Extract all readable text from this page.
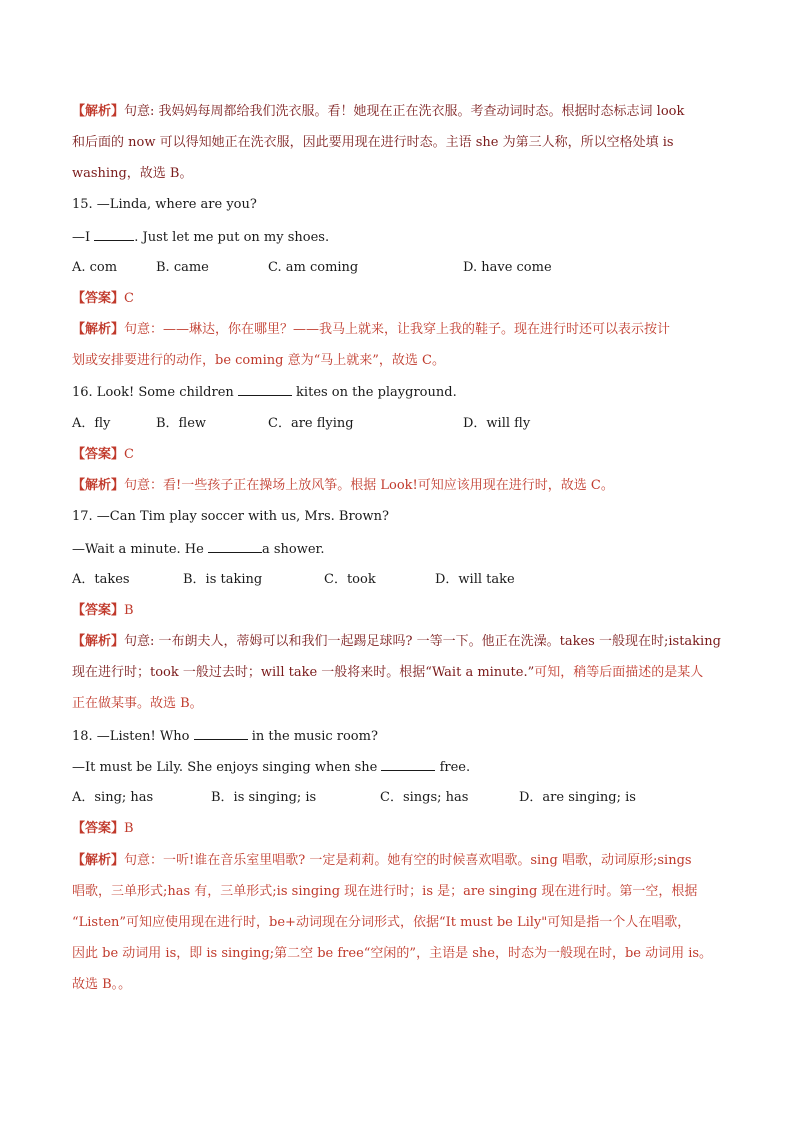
【解析】句意: 我妈妈每周都给我们洗衣服。看！她现在正在洗衣服。考查动词时态。根据时态标志词 look
和后面的 now 可以得知她正在洗衣服，因此要用现在进行时态。主语 she 为第三人称，所以空格处填 is
washing，故选 B。
15. —Linda, where are you?
—I	. Just let me put on my shoes.
A. com	B. came	C. am coming	D. have come
【答案】C
【解析】句意：——琳达，你在哪里？——我马上就来，让我穿上我的鞋子。现在进行时还可以表示按计
划或安排要进行的动作，be coming 意为“马上就来”，故选 C。
16. Look! Some children	kites on the playground.
A．fly	B．flew	C．are flying	D．will fly
【答案】C
【解析】句意：看!一些孩子正在操场上放风筝。根据 Look!可知应该用现在进行时，故选 C。
17. —Can Tim play soccer with us, Mrs. Brown?
—Wait a minute. He	a shower.
A．takes	B．is taking	C．took	D．will take
【答案】B
【解析】句意: 一布朗夫人，蒂姆可以和我们一起踢足球吗? 一等一下。他正在洗澡。takes 一般现在时;istaking
现在进行时；took 一般过去时；will take 一般将来时。根据“Wait a minute.”可知，稍等后面描述的是某人
正在做某事。故选 B。
18. —Listen! Who	in the music room?
—It must be Lily. She enjoys singing when she	free.
A．sing; has	B．is singing; is	C．sings; has	D．are singing; is
【答案】B
【解析】句意：一听!谁在音乐室里唱歌? 一定是莉莉。她有空的时候喜欢唱歌。sing 唱歌，动词原形;sings
唱歌，三单形式;has 有，三单形式;is singing 现在进行时；is 是；are singing 现在进行时。第一空，根据
“Listen”可知应使用现在进行时，be+动词现在分词形式，依据“It must be Lily"可知是指一个人在唱歌，
因此 be 动词用 is，即 is singing;第二空 be free“空闲的”，主语是 she，时态为一般现在时，be 动词用 is。
故选 B。。
